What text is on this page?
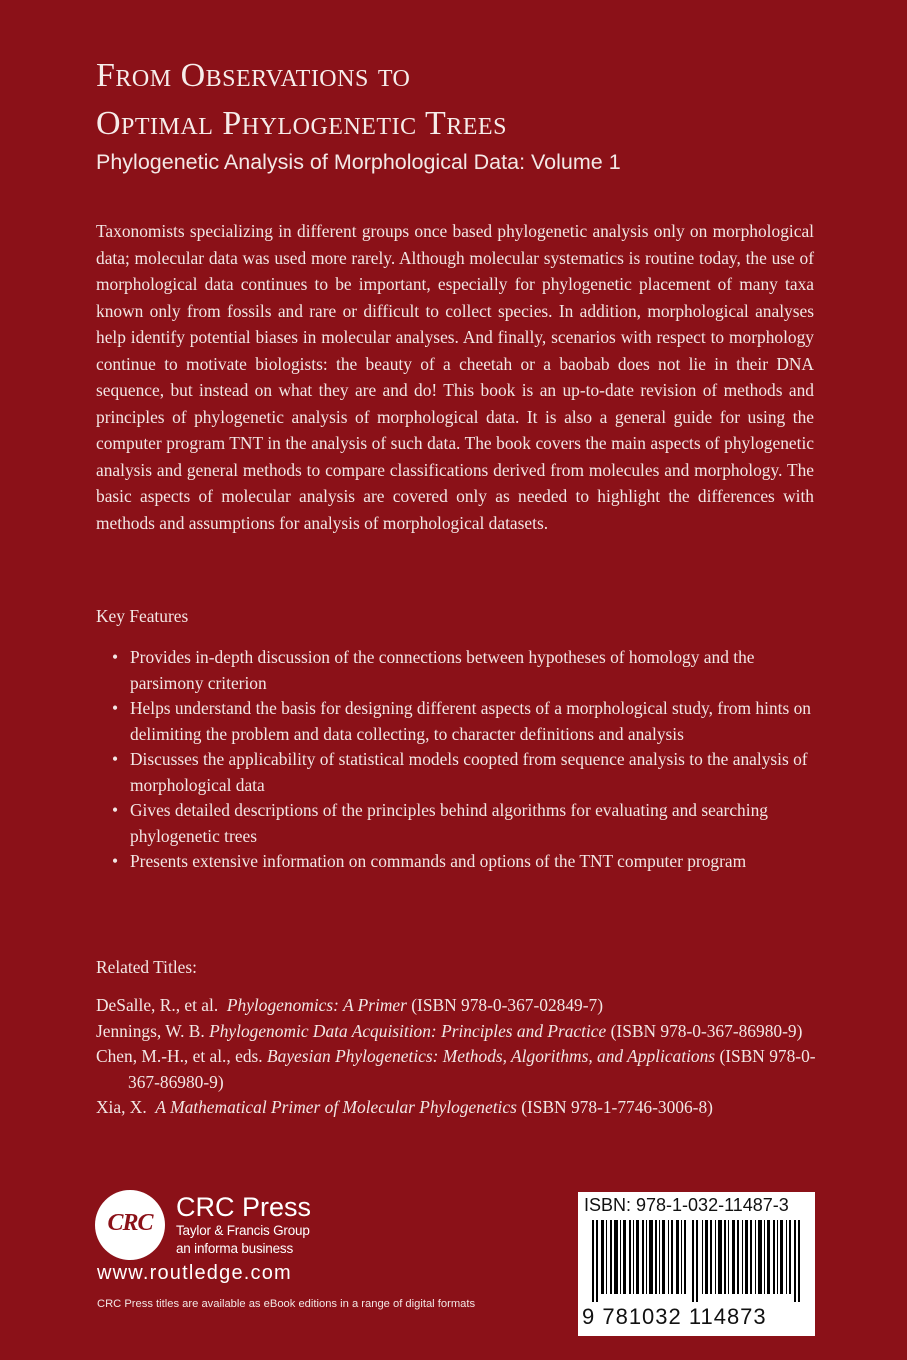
From Observations to
Optimal Phylogenetic Trees
Phylogenetic Analysis of Morphological Data: Volume 1

Taxonomists specializing in different groups once based phylogenetic analysis only on morphological data; molecular data was used more rarely. Although molecular systematics is routine today, the use of morphological data continues to be important, especially for phylogenetic placement of many taxa known only from fossils and rare or difficult to collect species. In addition, morphological analyses help identify potential biases in molecular analyses. And finally, scenarios with respect to morphology continue to motivate biologists: the beauty of a cheetah or a baobab does not lie in their DNA sequence, but instead on what they are and do! This book is an up-to-date revision of methods and principles of phylogenetic analysis of morphological data. It is also a general guide for using the computer program TNT in the analysis of such data. The book covers the main aspects of phylogenetic analysis and general methods to compare classifications derived from molecules and morphology. The basic aspects of molecular analysis are covered only as needed to highlight the differences with methods and assumptions for analysis of morphological datasets.

Key Features
• Provides in-depth discussion of the connections between hypotheses of homology and the parsimony criterion
• Helps understand the basis for designing different aspects of a morphological study, from hints on delimiting the problem and data collecting, to character definitions and analysis
• Discusses the applicability of statistical models coopted from sequence analysis to the analysis of morphological data
• Gives detailed descriptions of the principles behind algorithms for evaluating and searching phylogenetic trees
• Presents extensive information on commands and options of the TNT computer program
Related Titles:
DeSalle, R., et al. Phylogenomics: A Primer (ISBN 978-0-367-02849-7)
Jennings, W. B. Phylogenomic Data Acquisition: Principles and Practice (ISBN 978-0-367-86980-9)
Chen, M.-H., et al., eds. Bayesian Phylogenetics: Methods, Algorithms, and Applications (ISBN 978-0-367-86980-9)
Xia, X. A Mathematical Primer of Molecular Phylogenetics (ISBN 978-1-7746-3006-8)
CRC
CRC Press
Taylor & Francis Group
an informa business
www.routledge.com
CRC Press titles are available as eBook editions in a range of digital formats
ISBN: 978-1-032-11487-3
9 781032 114873
